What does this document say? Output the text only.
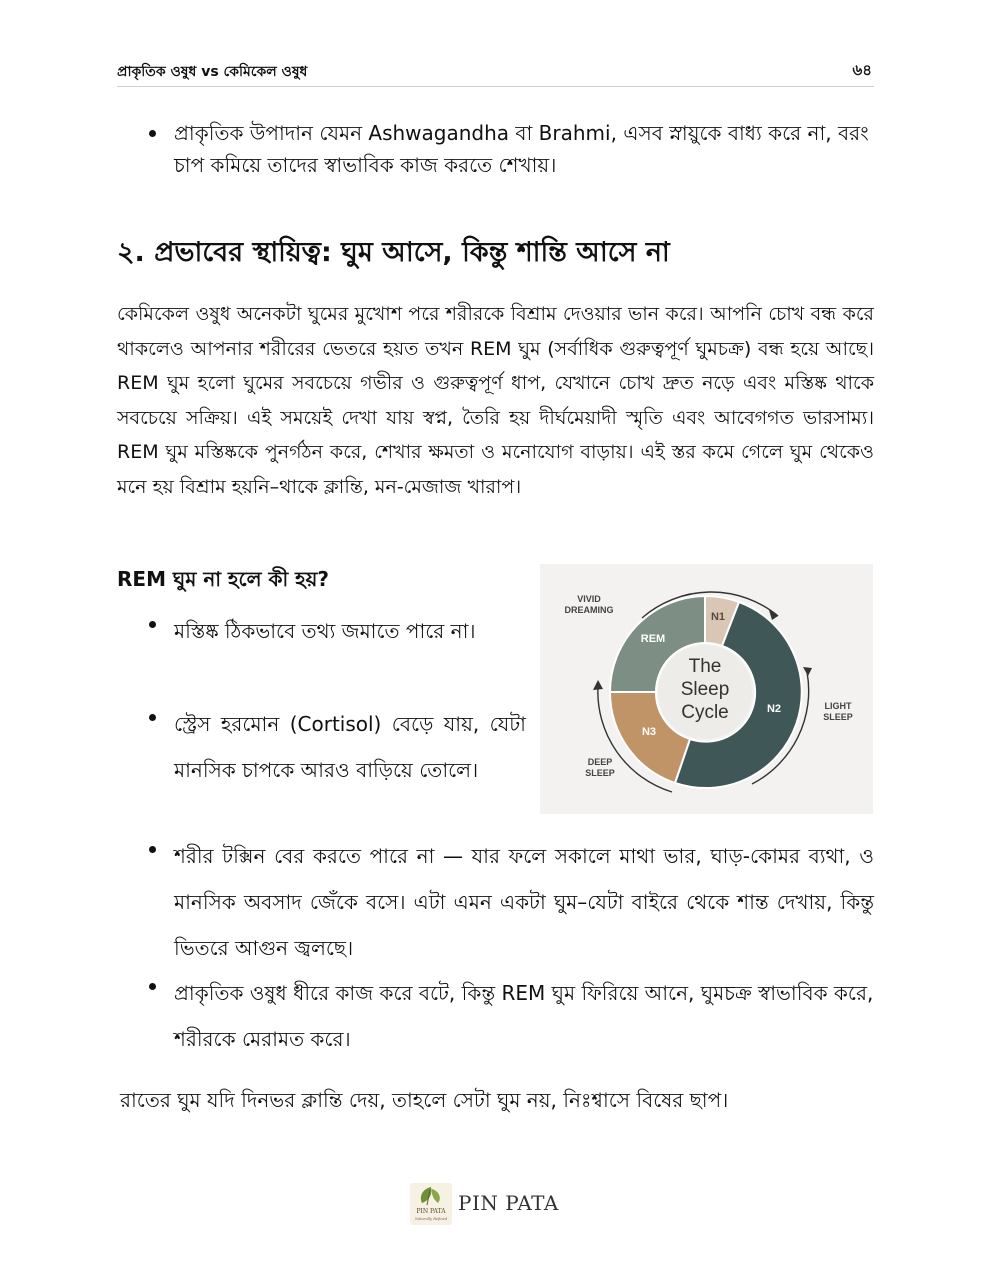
প্রাকৃতিক ওষুধ vs কেমিকেল ওষুধ	৬৪
প্রাকৃতিক উপাদান যেমন Ashwagandha বা Brahmi, এসব স্নায়ুকে বাধ্য করে না, বরং চাপ কমিয়ে তাদের স্বাভাবিক কাজ করতে শেখায়।
২. প্রভাবের স্থায়িত্ব: ঘুম আসে, কিন্তু শান্তি আসে না
কেমিকেল ওষুধ অনেকটা ঘুমের মুখোশ পরে শরীরকে বিশ্রাম দেওয়ার ভান করে। আপনি চোখ বন্ধ করে থাকলেও আপনার শরীরের ভেতরে হয়ত তখন REM ঘুম (সর্বাধিক গুরুত্বপূর্ণ ঘুমচক্র) বন্ধ হয়ে আছে। REM ঘুম হলো ঘুমের সবচেয়ে গভীর ও গুরুত্বপূর্ণ ধাপ, যেখানে চোখ দ্রুত নড়ে এবং মস্তিষ্ক থাকে সবচেয়ে সক্রিয়। এই সময়েই দেখা যায় স্বপ্ন, তৈরি হয় দীর্ঘমেয়াদী স্মৃতি এবং আবেগগত ভারসাম্য। REM ঘুম মস্তিষ্ককে পুনর্গঠন করে, শেখার ক্ষমতা ও মনোযোগ বাড়ায়। এই স্তর কমে গেলে ঘুম থেকেও মনে হয় বিশ্রাম হয়নি–থাকে ক্লান্তি, মন-মেজাজ খারাপ।
REM ঘুম না হলে কী হয়?
মস্তিষ্ক ঠিকভাবে তথ্য জমাতে পারে না।
স্ট্রেস হরমোন (Cortisol) বেড়ে যায়, যেটা মানসিক চাপকে আরও বাড়িয়ে তোলে।
শরীর টক্সিন বের করতে পারে না — যার ফলে সকালে মাথা ভার, ঘাড়-কোমর ব্যথা, ও মানসিক অবসাদ জেঁকে বসে। এটা এমন একটা ঘুম–যেটা বাইরে থেকে শান্ত দেখায়, কিন্তু ভিতরে আগুন জ্বলছে।
প্রাকৃতিক ওষুধ ধীরে কাজ করে বটে, কিন্তু REM ঘুম ফিরিয়ে আনে, ঘুমচক্র স্বাভাবিক করে, শরীরকে মেরামত করে।
রাতের ঘুম যদি দিনভর ক্লান্তি দেয়, তাহলে সেটা ঘুম নয়, নিঃশ্বাসে বিষের ছাপ।
The
Sleep
Cycle
N1
REM
N2
N3
VIVID
DREAMING
LIGHT
SLEEP
DEEP
SLEEP
PIN PATA
Naturally Refined
PIN PATA
